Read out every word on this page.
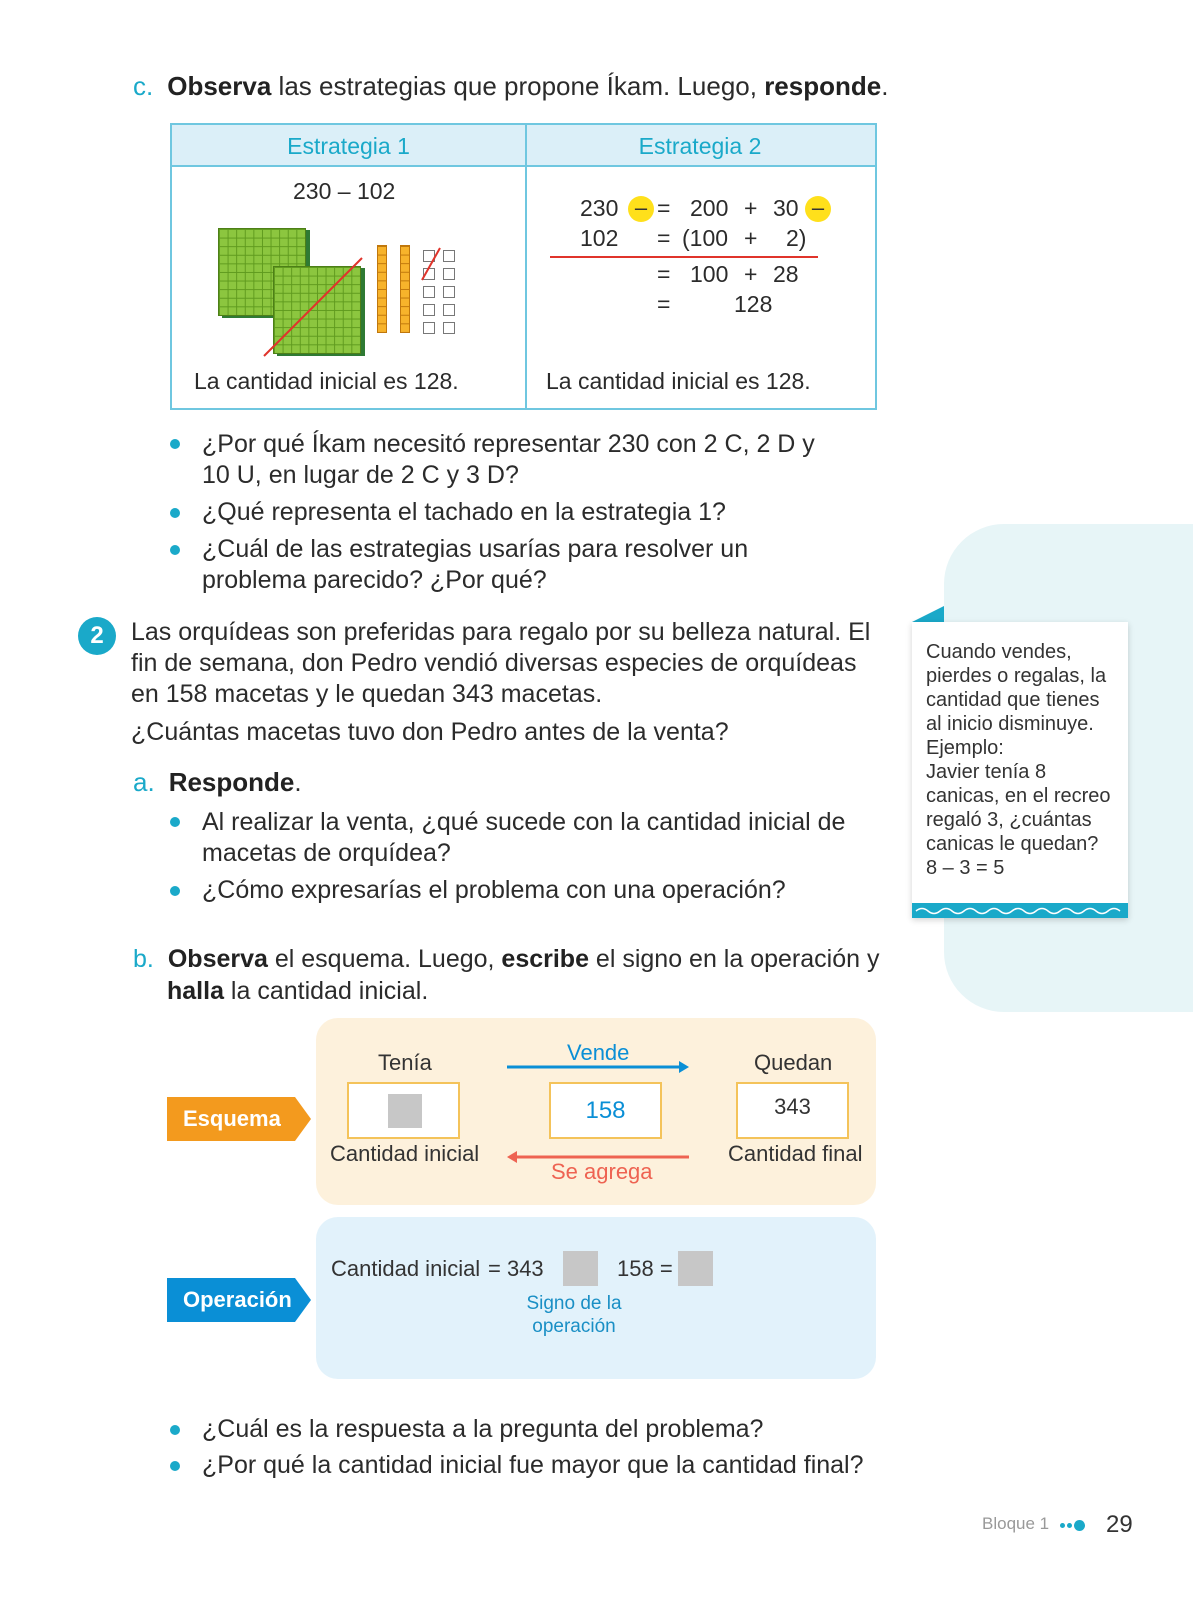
c. Observa las estrategias que propone Íkam. Luego, responde.
Estrategia 1	Estrategia 2
230 – 102
La cantidad inicial es 128.
230 – = 200 + 30 –
102 = (100 + 2)
= 100 + 28
=	128
La cantidad inicial es 128.
¿Por qué Íkam necesitó representar 230 con 2 C, 2 D y
10 U, en lugar de 2 C y 3 D?
¿Qué representa el tachado en la estrategia 1?
¿Cuál de las estrategias usarías para resolver un
problema parecido? ¿Por qué?
Cuando vendes,
pierdes o regalas, la
cantidad que tienes
al inicio disminuye.
Ejemplo:
Javier tenía 8
canicas, en el recreo
regaló 3, ¿cuántas
canicas le quedan?
8 – 3 = 5
2	Las orquídeas son preferidas para regalo por su belleza natural. El
fin de semana, don Pedro vendió diversas especies de orquídeas
en 158 macetas y le quedan 343 macetas.
¿Cuántas macetas tuvo don Pedro antes de la venta?
a. Responde.
Al realizar la venta, ¿qué sucede con la cantidad inicial de
macetas de orquídea?
¿Cómo expresarías el problema con una operación?
b. Observa el esquema. Luego, escribe el signo en la operación y
halla la cantidad inicial.
Esquema
Tenía
Cantidad inicial
Vende
158
Se agrega
Quedan
343
Cantidad final
Operación
Cantidad inicial = 343	158 =
Signo de la
operación
¿Cuál es la respuesta a la pregunta del problema?
¿Por qué la cantidad inicial fue mayor que la cantidad final?
Bloque 1 29
